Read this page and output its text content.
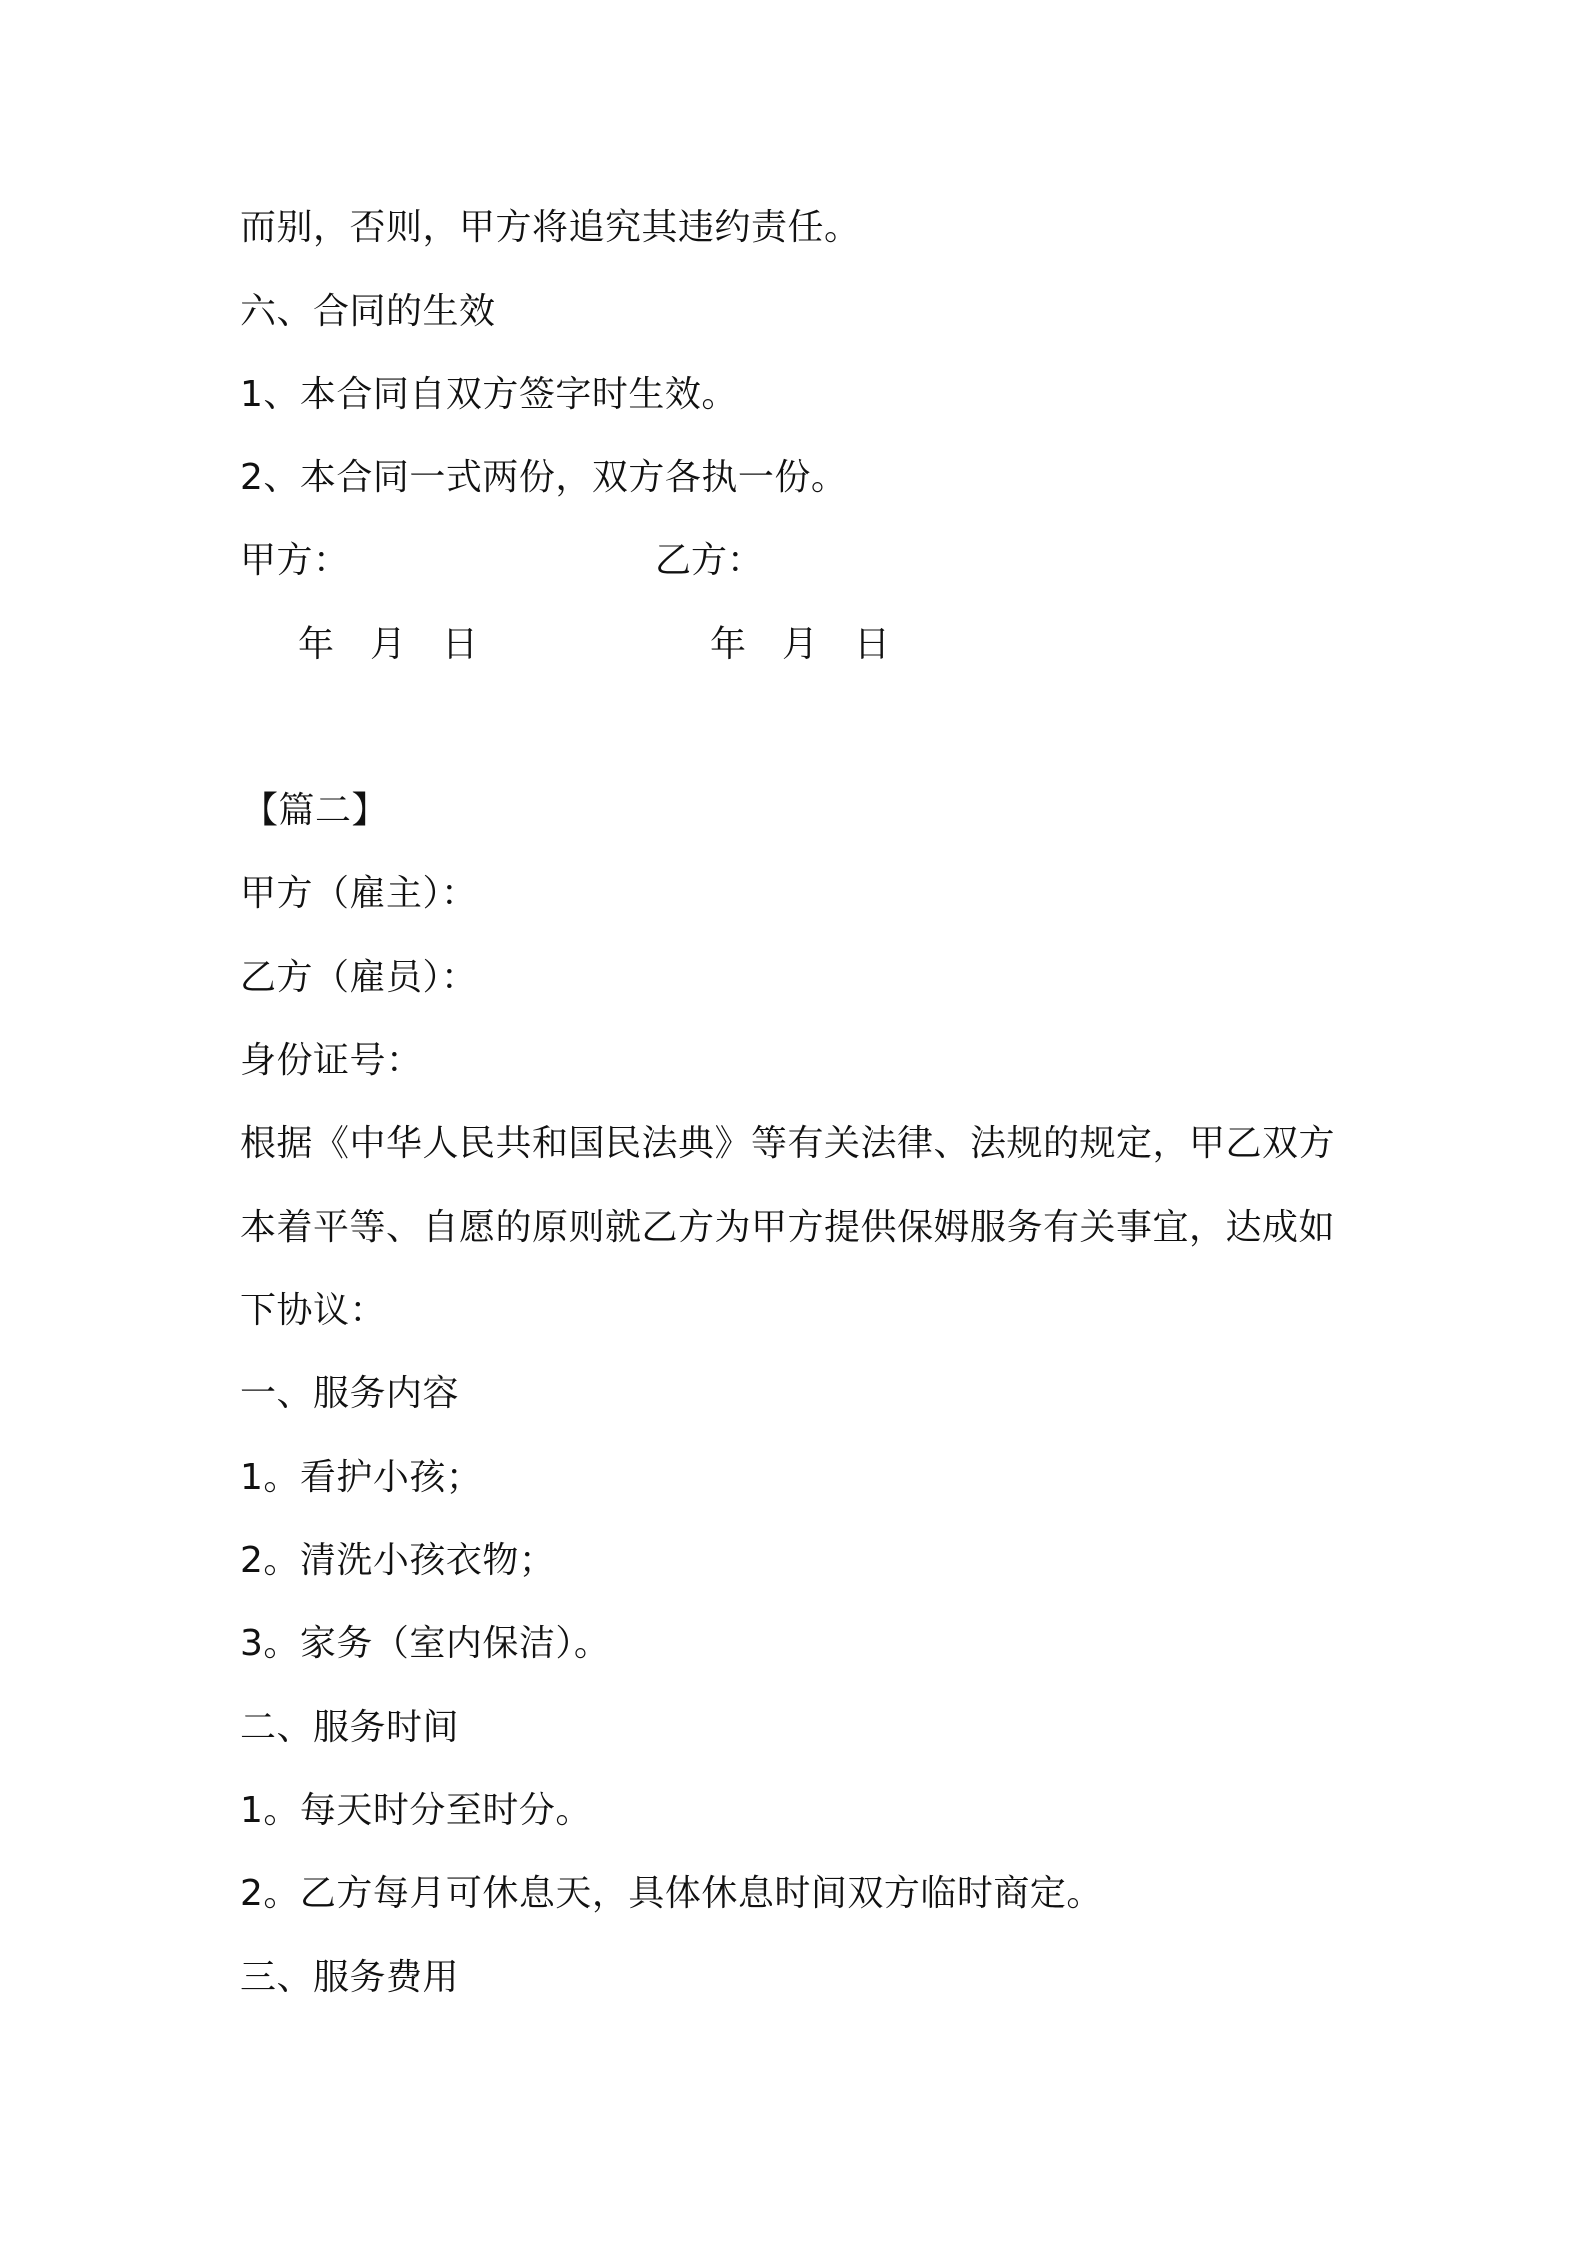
而别，否则，甲方将追究其违约责任。
六、合同的生效
1、本合同自双方签字时生效。
2、本合同一式两份，双方各执一份。
甲方：	乙方：
年 月 日	年 月 日
【篇二】
甲方（雇主）：
乙方（雇员）：
身份证号：
根据《中华人民共和国民法典》等有关法律、法规的规定，甲乙双方
本着平等、自愿的原则就乙方为甲方提供保姆服务有关事宜，达成如
下协议：
一、服务内容
1。看护小孩；
2。清洗小孩衣物；
3。家务（室内保洁）。
二、服务时间
1。每天时分至时分。
2。乙方每月可休息天，具体休息时间双方临时商定。
三、服务费用
